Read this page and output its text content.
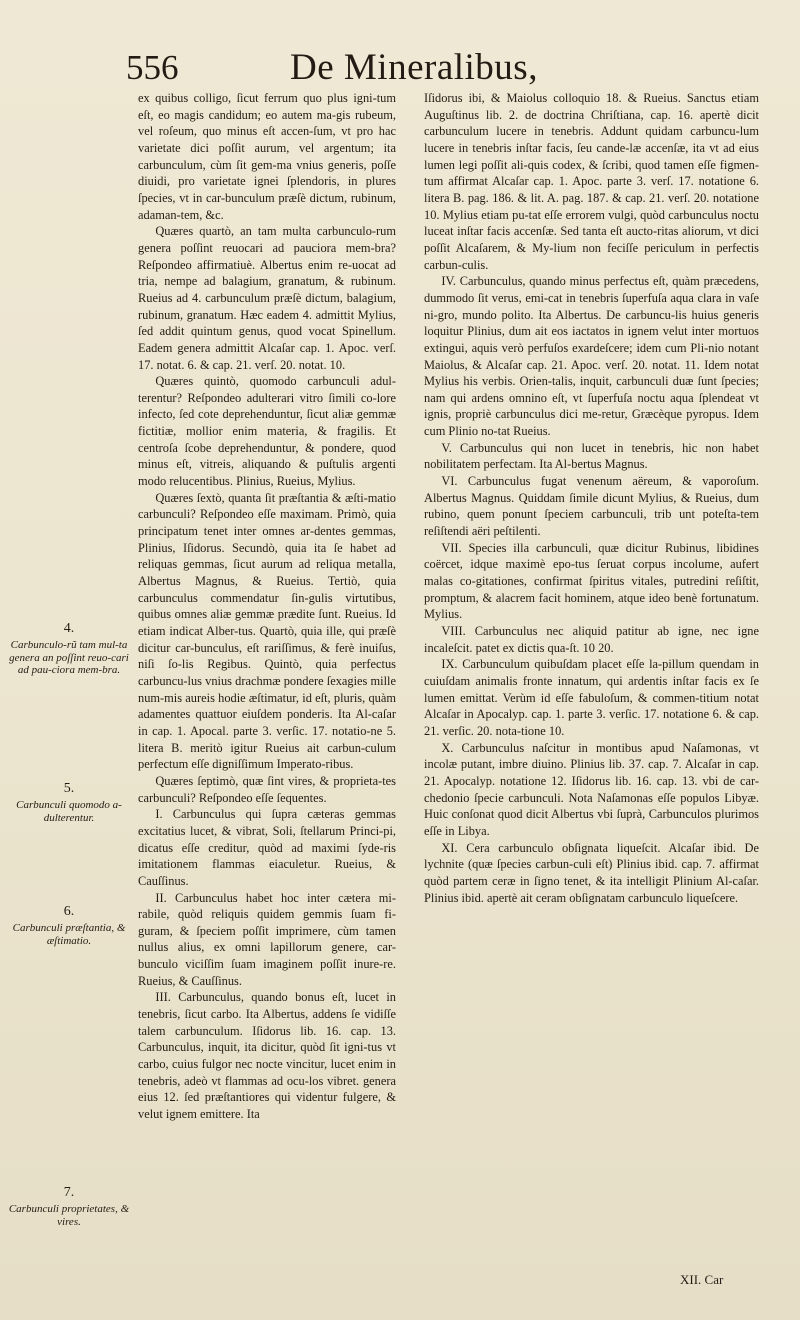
556	De Mineralibus,
4.
Carbunculo-rũ tam mul-ta genera an poſſint reuo-cari ad pau-ciora mem-bra.
5.
Carbunculi quomodo a-dulterentur.
6.
Carbunculi præſtantia, & æſtimatio.
7.
Carbunculi proprietates, & vires.

ex quibus colligo, ſicut ferrum quo plus igni-tum eſt, eo magis candidum; eo autem ma-gis rubeum, vel roſeum, quo minus eſt accen-ſum, vt pro hac varietate dici poſſit aurum, vel argentum; ita carbunculum, cùm ſit gem-ma vnius generis, poſſe diuidi, pro varietate ignei ſplendoris, in plures ſpecies, vt in car-bunculum præſè dictum, rubinum, adaman-tem, &c.

Quæres quartò, an tam multa carbunculo-rum genera poſſint reuocari ad pauciora mem-bra? Reſpondeo affirmatiuè. Albertus enim re-uocat ad tria, nempe ad balagium, granatum, & rubinum. Rueius ad 4. carbunculum præſè dictum, balagium, rubinum, granatum. Hæc eadem 4. admittit Mylius, ſed addit quintum genus, quod vocat Spinellum. Eadem genera admittit Alcaſar cap. 1. Apoc. verſ. 17. notat. 6. & cap. 21. verſ. 20. notat. 10.

Quæres quintò, quomodo carbunculi adul-terentur? Reſpondeo adulterari vitro ſimili co-lore infecto, ſed cote deprehenduntur, ſicut aliæ gemmæ fictitiæ, mollior enim materia, & fragilis. Et centroſa ſcobe deprehenduntur, & pondere, quod minus eſt, vitreis, aliquando & puſtulis argenti modo relucentibus. Plinius, Rueius, Mylius.

Quæres ſextò, quanta ſit præſtantia & æſti-matio carbunculi? Reſpondeo eſſe maximam. Primò, quia principatum tenet inter omnes ar-dentes gemmas, Plinius, Iſidorus. Secundò, quia ita ſe habet ad reliquas gemmas, ſicut aurum ad reliqua metalla, Albertus Magnus, & Rueius. Tertiò, quia carbunculus commendatur ſin-gulis virtutibus, quibus omnes aliæ gemmæ prædite ſunt. Rueius. Id etiam indicat Alber-tus. Quartò, quia ille, qui præſè dicitur car-bunculus, eſt rariſſimus, & ferè inuiſus, niſi ſo-lis Regibus. Quintò, quia perfectus carbuncu-lus vnius drachmæ pondere ſexagies mille num-mis aureis hodie æſtimatur, id eſt, pluris, quàm adamentes quattuor eiuſdem ponderis. Ita Al-caſar in cap. 1. Apocal. parte 3. verſic. 17. notatio-ne 5. litera B. meritò igitur Rueius ait carbun-culum perfectum eſſe digniſſimum Imperato-ribus.

Quæres ſeptimò, quæ ſint vires, & proprieta-tes carbunculi? Reſpondeo eſſe ſequentes.

I. Carbunculus qui ſupra cæteras gemmas excitatius lucet, & vibrat, Soli, ſtellarum Princi-pi, dicatus eſſe creditur, quòd ad maximi ſyde-ris imitationem flammas eiaculetur. Rueius, & Cauſſinus.

II. Carbunculus habet hoc inter cætera mi-rabile, quòd reliquis quidem gemmis ſuam fi-guram, & ſpeciem poſſit imprimere, cùm tamen nullus alius, ex omni lapillorum genere, car-bunculo viciſſim ſuam imaginem poſſit inure-re. Rueius, & Cauſſinus.

III. Carbunculus, quando bonus eſt, lucet in tenebris, ſicut carbo. Ita Albertus, addens ſe vidiſſe talem carbunculum. Iſidorus lib. 16. cap. 13. Carbunculus, inquit, ita dicitur, quòd ſit igni-tus vt carbo, cuius fulgor nec nocte vincitur, lucet enim in tenebris, adeò vt flammas ad ocu-los vibret. genera eius 12. ſed præſtantiores qui videntur fulgere, & velut ignem emittere. Ita

Iſidorus ibi, & Maiolus colloquio 18. & Rueius. Sanctus etiam Auguſtinus lib. 2. de doctrina Chriſtiana, cap. 16. apertè dicit carbunculum lucere in tenebris. Addunt quidam carbuncu-lum lucere in tenebris inſtar facis, ſeu cande-læ accenſæ, ita vt ad eius lumen legi poſſit ali-quis codex, & ſcribi, quod tamen eſſe figmen-tum affirmat Alcaſar cap. 1. Apoc. parte 3. verſ. 17. notatione 6. litera B. pag. 186. & lit. A. pag. 187. & cap. 21. verſ. 20. notatione 10. Mylius etiam pu-tat eſſe errorem vulgi, quòd carbunculus noctu luceat inſtar facis accenſæ. Sed tanta eſt aucto-ritas aliorum, vt dici poſſit Alcaſarem, & My-lium non feciſſe periculum in perfectis carbun-culis.

IV. Carbunculus, quando minus perfectus eſt, quàm præcedens, dummodo ſit verus, emi-cat in tenebris ſuperfuſa aqua clara in vaſe ni-gro, mundo polito. Ita Albertus. De carbuncu-lis huius generis loquitur Plinius, dum ait eos iactatos in ignem velut inter mortuos extingui, aquis verò perfuſos exardeſcere; idem cum Pli-nio notant Maiolus, & Alcaſar cap. 21. Apoc. verſ. 20. notat. 11. Idem notat Mylius his verbis. Orien-talis, inquit, carbunculi duæ ſunt ſpecies; nam qui ardens omnino eſt, vt ſuperfuſa noctu aqua ſplendeat vt ignis, propriè carbunculus dici me-retur, Græcèque pyropus. Idem cum Plinio no-tat Rueius.

V. Carbunculus qui non lucet in tenebris, hic non habet nobilitatem perfectam. Ita Al-bertus Magnus.

VI. Carbunculus fugat venenum aëreum, & vaporoſum. Albertus Magnus. Quiddam ſimile dicunt Mylius, & Rueius, dum rubino, quem ponunt ſpeciem carbunculi, trib unt poteſta-tem reſiſtendi aëri peſtilenti.

VII. Species illa carbunculi, quæ dicitur Rubinus, libidines coërcet, idque maximè epo-tus ſeruat corpus incolume, aufert malas co-gitationes, confirmat ſpiritus vitales, putredini reſiſtit, promptum, & alacrem facit hominem, atque ideo benè fortunatum. Mylius.

VIII. Carbunculus nec aliquid patitur ab igne, nec igne incaleſcit. patet ex dictis qua-ſt. 10 20.

IX. Carbunculum quibuſdam placet eſſe la-pillum quendam in cuiuſdam animalis fronte innatum, qui ardentis inſtar facis ex ſe lumen emittat. Verùm id eſſe fabuloſum, & commen-titium notat Alcaſar in Apocalyp. cap. 1. parte 3. verſic. 17. notatione 6. & cap. 21. verſic. 20. nota-tione 10.

X. Carbunculus naſcitur in montibus apud Naſamonas, vt incolæ putant, imbre diuino. Plinius lib. 37. cap. 7. Alcaſar in cap. 21. Apocalyp. notatione 12. Iſidorus lib. 16. cap. 13. vbi de car-chedonio ſpecie carbunculi. Nota Naſamonas eſſe populos Libyæ. Huic conſonat quod dicit Albertus vbi ſuprà, Carbunculos plurimos eſſe in Libya.

XI. Cera carbunculo obſignata liqueſcit. Alcaſar ibid. De lychnite (quæ ſpecies carbun-culi eſt) Plinius ibid. cap. 7. affirmat quòd partem ceræ in ſigno tenet, & ita intelligit Plinium Al-caſar. Plinius ibid. apertè ait ceram obſignatam carbunculo liqueſcere.

XII. Car
